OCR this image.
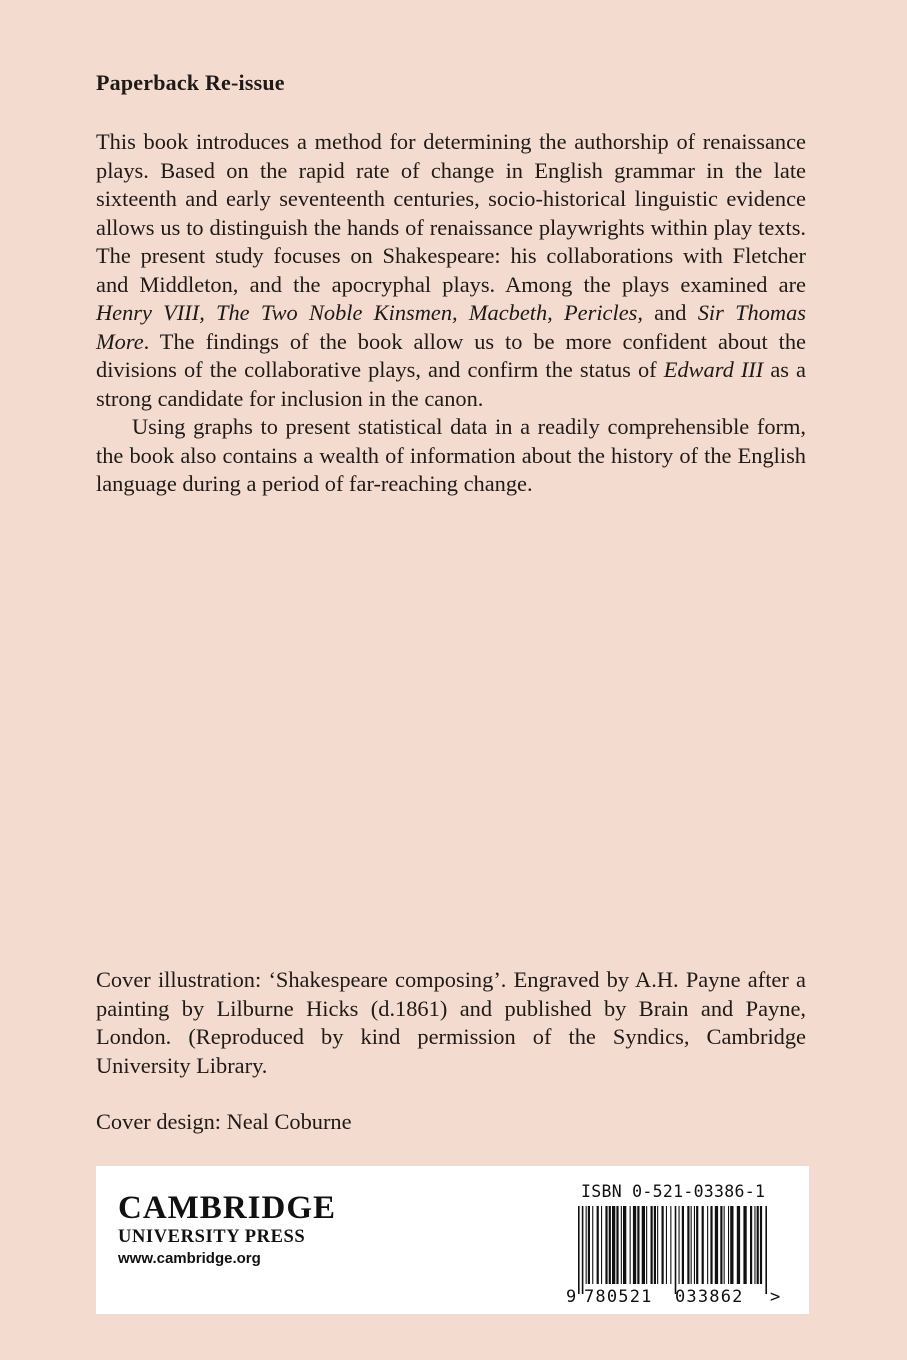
Paperback Re-issue

This book introduces a method for determining the authorship of renaissance plays. Based on the rapid rate of change in English grammar in the late sixteenth and early seventeenth centuries, socio-historical linguistic evidence allows us to distinguish the hands of renaissance playwrights within play texts. The present study focuses on Shakespeare: his collaborations with Fletcher and Middleton, and the apocryphal plays. Among the plays examined are Henry VIII, The Two Noble Kinsmen, Macbeth, Pericles, and Sir Thomas More. The findings of the book allow us to be more confident about the divisions of the collaborative plays, and confirm the status of Edward III as a strong candidate for inclusion in the canon.

Using graphs to present statistical data in a readily comprehensible form, the book also contains a wealth of information about the history of the English language during a period of far-reaching change.

Cover illustration: ‘Shakespeare composing’. Engraved by A.H. Payne after a painting by Lilburne Hicks (d.1861) and published by Brain and Payne, London. (Reproduced by kind permission of the Syndics, Cambridge University Library.

Cover design: Neal Coburne
CAMBRIDGE
UNIVERSITY PRESS
www.cambridge.org
ISBN 0-521-03386-1
9 780521 033862 >
